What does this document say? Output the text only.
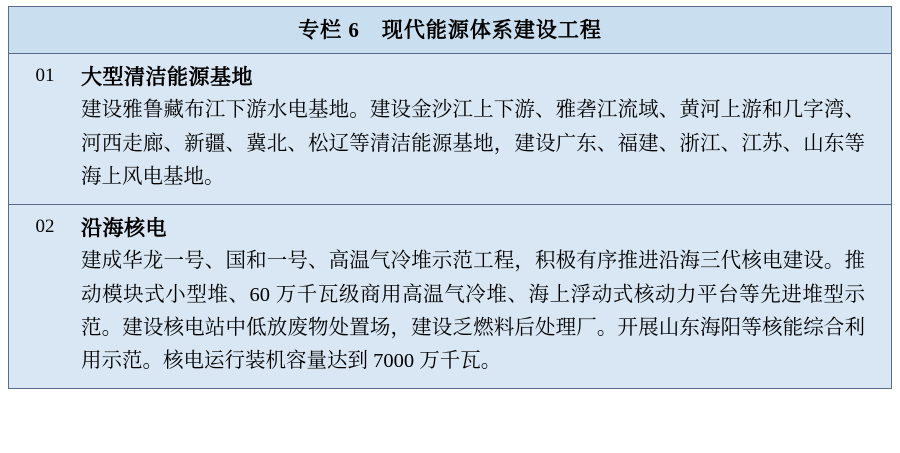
专栏 6 现代能源体系建设工程
01	大型清洁能源基地
建设雅鲁藏布江下游水电基地。建设金沙江上下游、雅砻江流域、黄河上游和几字湾、河西走廊、新疆、冀北、松辽等清洁能源基地，建设广东、福建、浙江、江苏、山东等海上风电基地。
02	沿海核电
建成华龙一号、国和一号、高温气冷堆示范工程，积极有序推进沿海三代核电建设。推动模块式小型堆、60 万千瓦级商用高温气冷堆、海上浮动式核动力平台等先进堆型示范。建设核电站中低放废物处置场，建设乏燃料后处理厂。开展山东海阳等核能综合利用示范。核电运行装机容量达到 7000 万千瓦。
